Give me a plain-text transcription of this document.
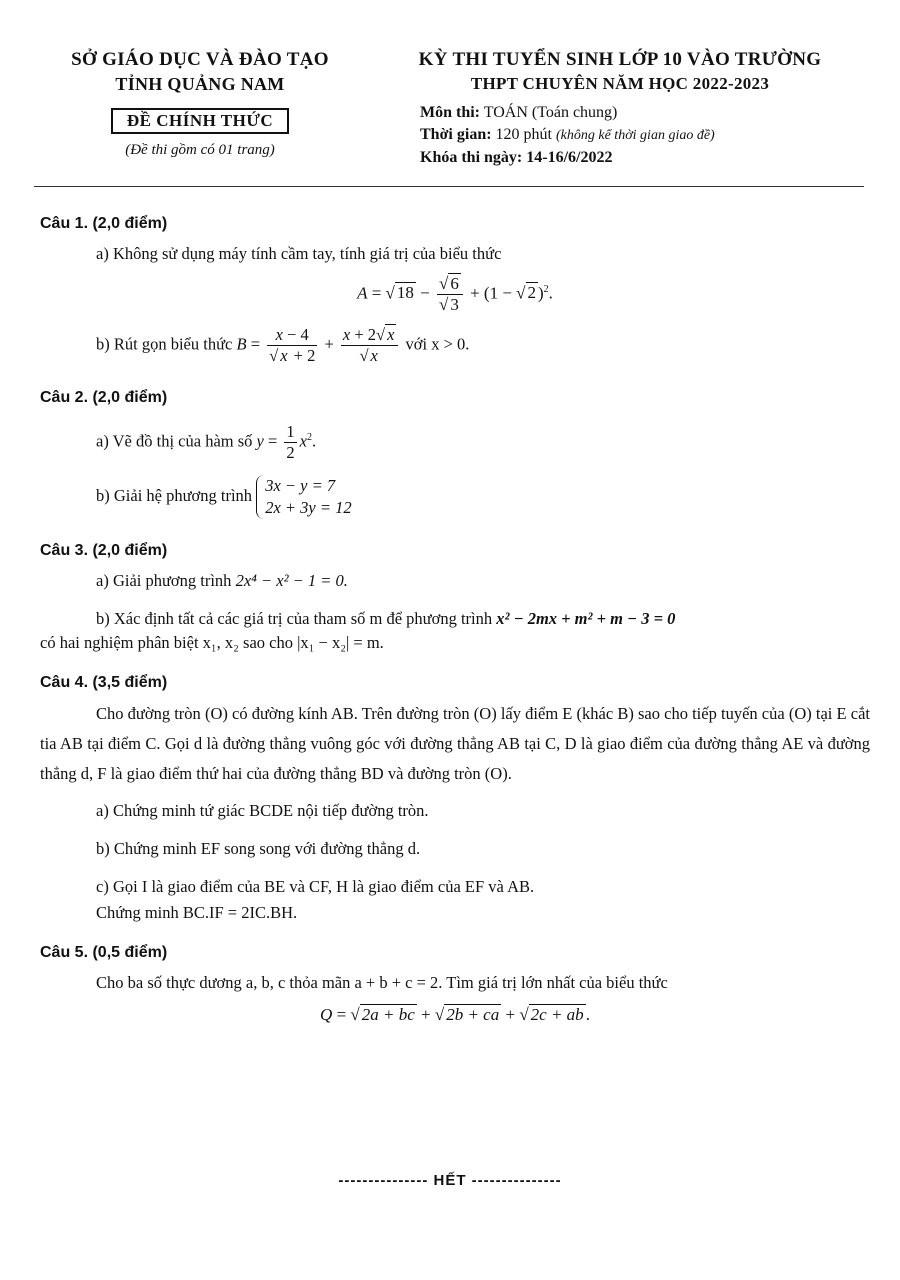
SỞ GIÁO DỤC VÀ ĐÀO TẠO
TỈNH QUẢNG NAM
ĐỀ CHÍNH THỨC
(Đề thi gồm có 01 trang)
KỲ THI TUYỂN SINH LỚP 10 VÀO TRƯỜNG
THPT CHUYÊN NĂM HỌC 2022-2023
Môn thi: TOÁN (Toán chung)
Thời gian: 120 phút (không kể thời gian giao đề)
Khóa thi ngày: 14-16/6/2022
Câu 1. (2,0 điểm)
a) Không sử dụng máy tính cầm tay, tính giá trị của biểu thức
A = √ $18 - \frac{√ 6}{√ 3} + (1$ − √ 2 )$^2$.
b) Rút gọn biểu thức $B = \frac{x - 4}{√ x + 2} + \frac{x + 2√ x}{√ x}$ với x > 0.
Câu 2. (2,0 điểm)
a) Vẽ đồ thị của hàm số $y = \frac{1}{2} x^2$.
b) Giải hệ phương trình
3x − y = 7
2x + 3y = 12
Câu 3. (2,0 điểm)
a) Giải phương trình 2x⁴ − x² − 1 = 0.
b) Xác định tất cả các giá trị của tham số m để phương trình x² − 2mx + m² + m − 3 = 0
có hai nghiệm phân biệt x₁, x₂ sao cho |x₁ − x₂| = m.
Câu 4. (3,5 điểm)
Cho đường tròn (O) có đường kính AB. Trên đường tròn (O) lấy điểm E (khác B) sao cho tiếp tuyến của (O) tại E cắt tia AB tại điểm C. Gọi d là đường thẳng vuông góc với đường thẳng AB tại C, D là giao điểm của đường thẳng AE và đường thẳng d, F là giao điểm thứ hai của đường thẳng BD và đường tròn (O).
a) Chứng minh tứ giác BCDE nội tiếp đường tròn.
b) Chứng minh EF song song với đường thẳng d.
c) Gọi I là giao điểm của BE và CF, H là giao điểm của EF và AB.
Chứng minh BC.IF = 2IC.BH.
Câu 5. (0,5 điểm)
Cho ba số thực dương a, b, c thỏa mãn a + b + c = 2. Tìm giá trị lớn nhất của biểu thức
Q = √ 2a + bc + √ 2b + ca + √ 2c + ab .
--------------- HẾT ---------------
